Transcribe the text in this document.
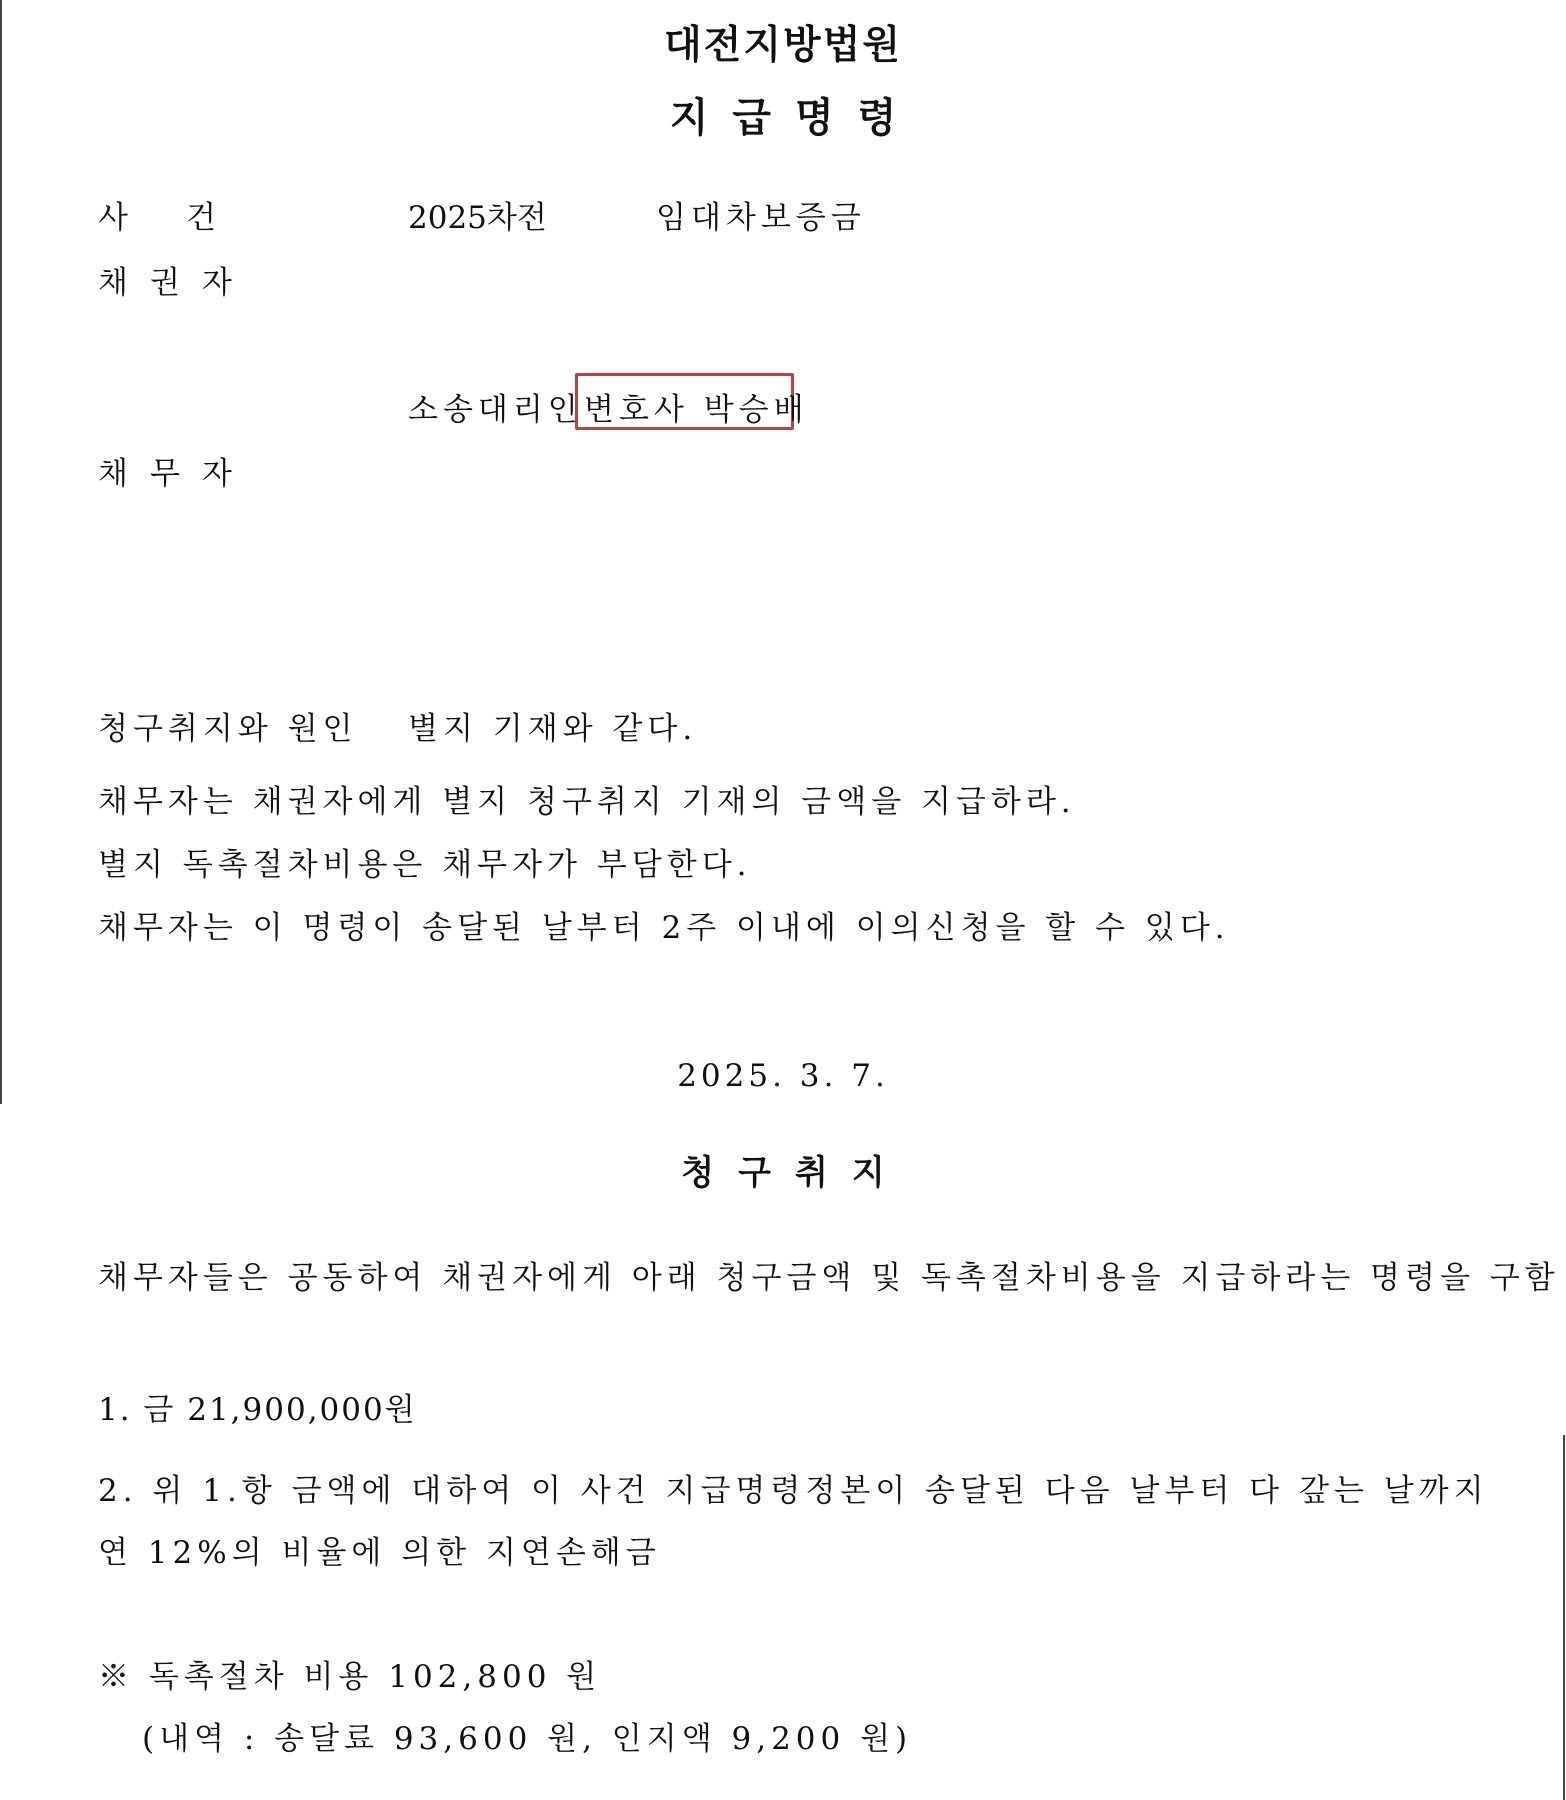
대전지방법원
지급명령
사건	2025차전	임대차보증금
채권자
소송대리인 변호사 박승배
채무자
청구취지와 원인 별지 기재와 같다.
채무자는 채권자에게 별지 청구취지 기재의 금액을 지급하라.
별지 독촉절차비용은 채무자가 부담한다.
채무자는 이 명령이 송달된 날부터 2주 이내에 이의신청을 할 수 있다.
2025. 3. 7.
청구취지
채무자들은 공동하여 채권자에게 아래 청구금액 및 독촉절차비용을 지급하라는 명령을 구함
1. 금 21,900,000원
2. 위 1.항 금액에 대하여 이 사건 지급명령정본이 송달된 다음 날부터 다 갚는 날까지
연 12%의 비율에 의한 지연손해금
※ 독촉절차 비용 102,800 원
(내역 : 송달료 93,600 원, 인지액 9,200 원)
